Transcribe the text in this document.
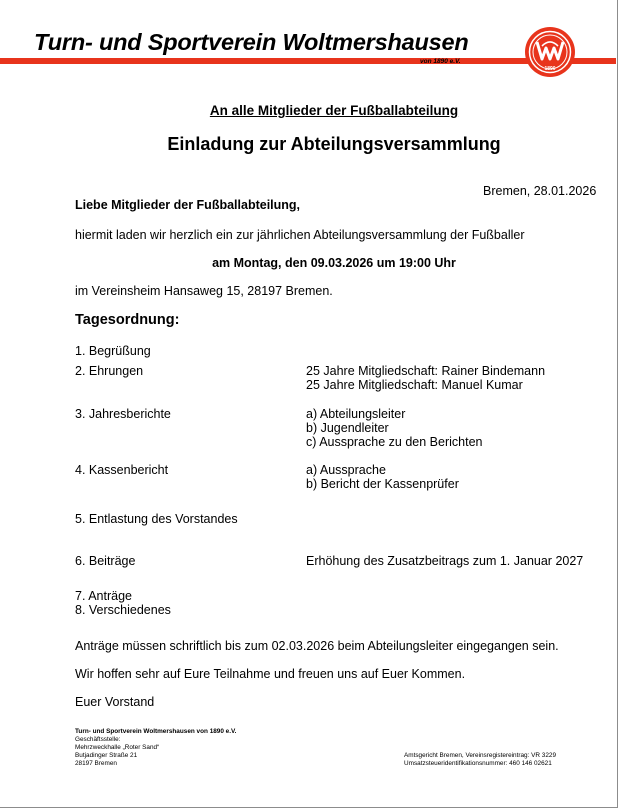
Turn- und Sportverein Woltmershausen
von 1890 e.V.
1890
An alle Mitglieder der Fußballabteilung
Einladung zur Abteilungsversammlung
Bremen, 28.01.2026
Liebe Mitglieder der Fußballabteilung,
hiermit laden wir herzlich ein zur jährlichen Abteilungsversammlung der Fußballer
am Montag, den 09.03.2026 um 19:00 Uhr
im Vereinsheim Hansaweg 15, 28197 Bremen.
Tagesordnung:
1. Begrüßung
2. Ehrungen	25 Jahre Mitgliedschaft: Rainer Bindemann
25 Jahre Mitgliedschaft: Manuel Kumar
3. Jahresberichte	a) Abteilungsleiter
b) Jugendleiter
c) Aussprache zu den Berichten
4. Kassenbericht	a) Aussprache
b) Bericht der Kassenprüfer
5. Entlastung des Vorstandes
6. Beiträge	Erhöhung des Zusatzbeitrags zum 1. Januar 2027
7. Anträge
8. Verschiedenes
Anträge müssen schriftlich bis zum 02.03.2026 beim Abteilungsleiter eingegangen sein.
Wir hoffen sehr auf Eure Teilnahme und freuen uns auf Euer Kommen.
Euer Vorstand
Turn- und Sportverein Woltmershausen von 1890 e.V.
Geschäftsstelle:
Mehrzweckhalle „Roter Sand“
Butjadinger Straße 21
28197 Bremen
Amtsgericht Bremen, Vereinsregistereintrag: VR 3229
Umsatzsteueridentifikationsnummer: 460 146 02621
